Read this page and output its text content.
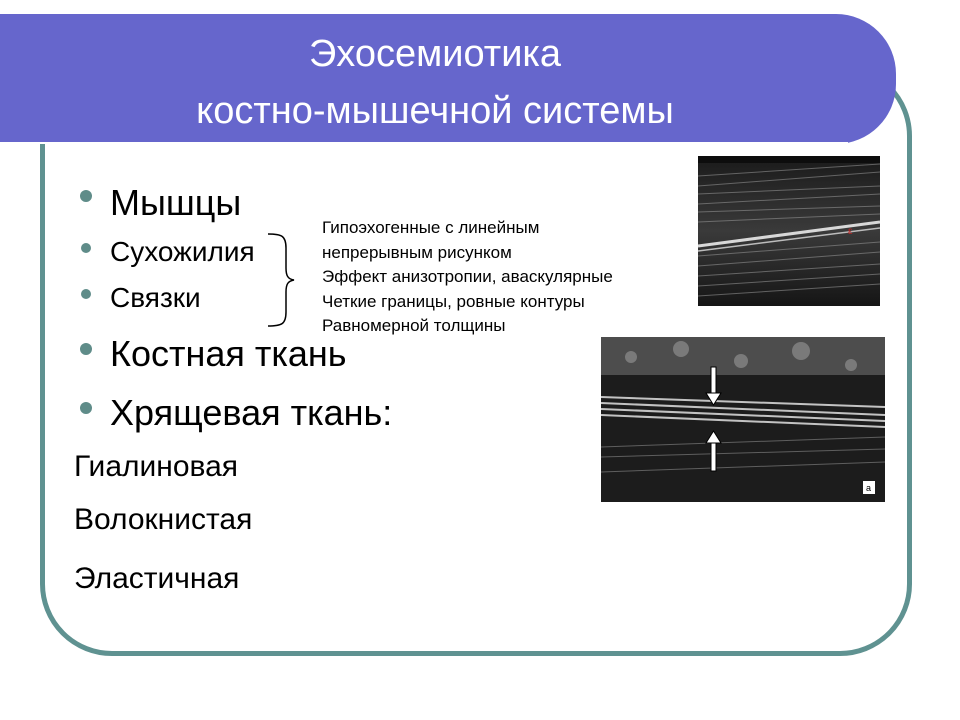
Эхосемиотика
костно-мышечной системы
Мышцы
Сухожилия
Связки
Костная ткань
Хрящевая ткань:
Гиалиновая
Волокнистая
Эластичная
Гипоэхогенные с линейным
непрерывным рисунком
Эффект анизотропии, аваскулярные
Четкие границы, ровные контуры
Равномерной толщины
ε
a
